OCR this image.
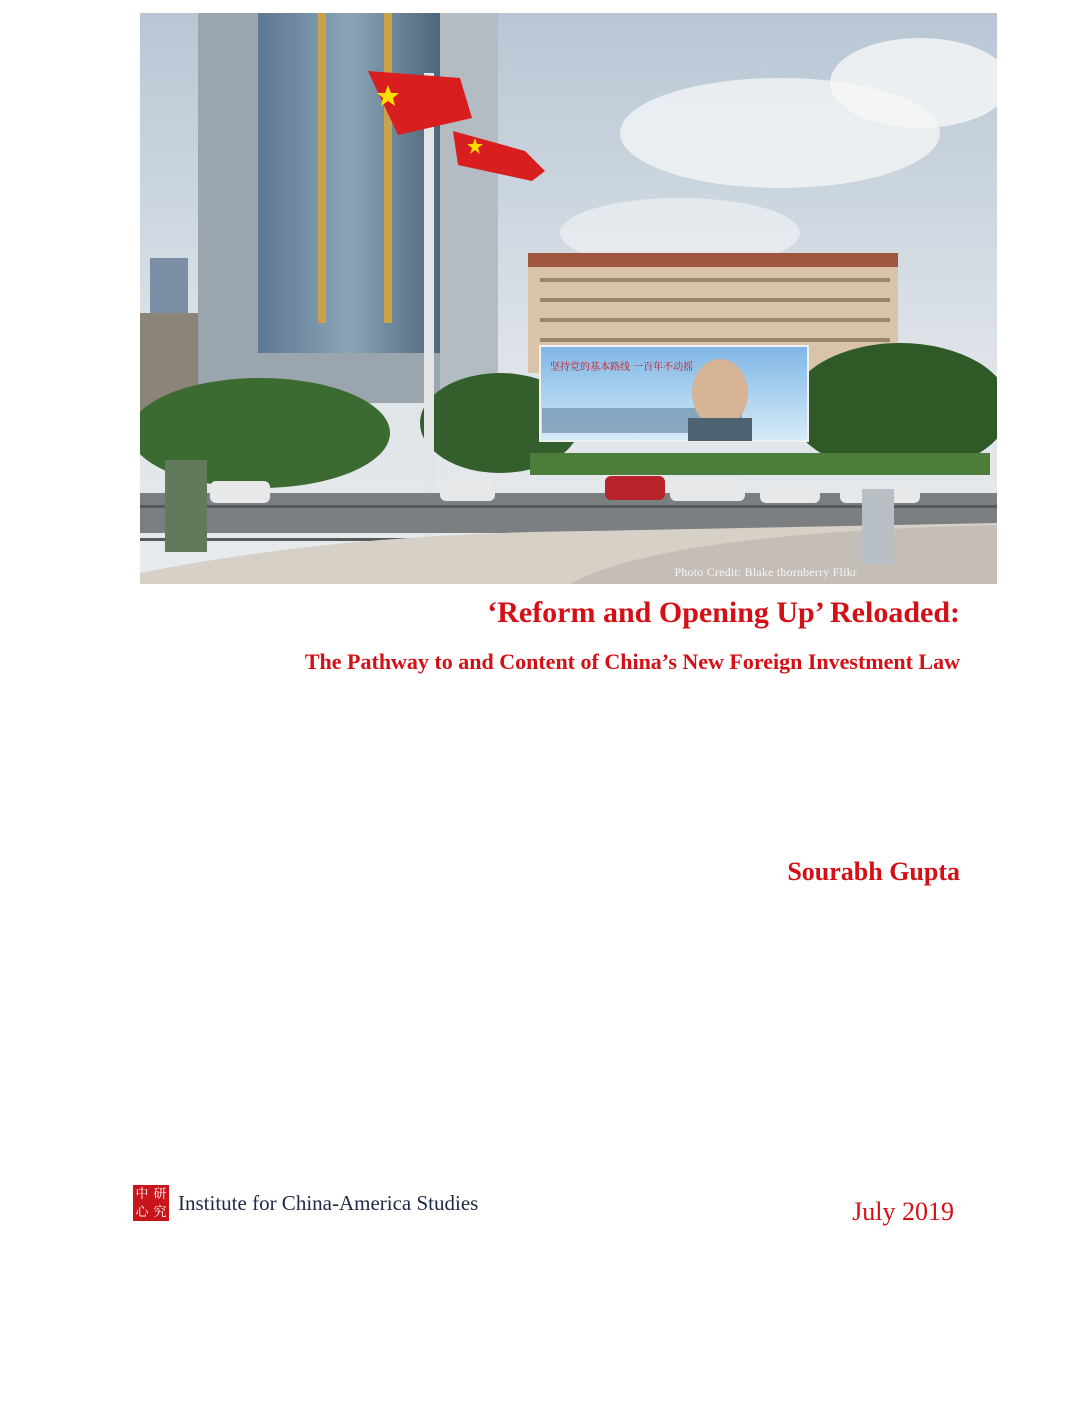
坚持党的基本路线 一百年不动摇
Photo Credit: Blake thornberry Flikr
‘Reform and Opening Up’ Reloaded:
The Pathway to and Content of China’s New Foreign Investment Law
Sourabh Gupta
中 研
心 究 Institute for China-America Studies	July 2019
